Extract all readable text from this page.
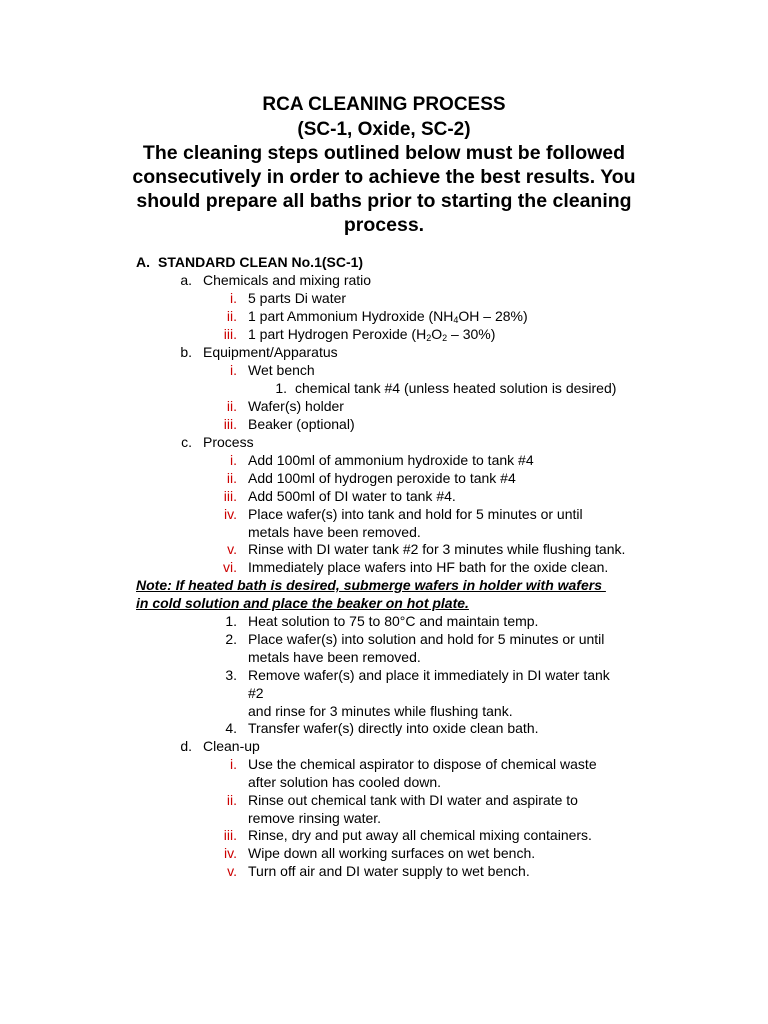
RCA CLEANING PROCESS
(SC-1, Oxide, SC-2)

The cleaning steps outlined below must be followed consecutively in order to achieve the best results. You should prepare all baths prior to starting the cleaning process.

A. STANDARD CLEAN No.1(SC-1)
a. Chemicals and mixing ratio
i. 5 parts Di water
ii. 1 part Ammonium Hydroxide $(NH_4OH - 28\%)$
iii. 1 part Hydrogen Peroxide $(H_2O_2 - 30\%)$
b. Equipment/Apparatus
i. Wet bench
1. chemical tank #4 (unless heated solution is desired)
ii. Wafer(s) holder
iii. Beaker (optional)
c. Process
i. Add 100ml of ammonium hydroxide to tank #4
ii. Add 100ml of hydrogen peroxide to tank #4
iii. Add 500ml of DI water to tank #4.
iv. Place wafer(s) into tank and hold for 5 minutes or until
metals have been removed.
v. Rinse with DI water tank #2 for 3 minutes while flushing tank.
vi. Immediately place wafers into HF bath for the oxide clean.
Note: If heated bath is desired, submerge wafers in holder with wafers
in cold solution and place the beaker on hot plate.
1. Heat solution to 75 to 80°C and maintain temp.
2. Place wafer(s) into solution and hold for 5 minutes or until
metals have been removed.
3. Remove wafer(s) and place it immediately in DI water tank
#2
and rinse for 3 minutes while flushing tank.
4. Transfer wafer(s) directly into oxide clean bath.
d. Clean-up
i. Use the chemical aspirator to dispose of chemical waste
after solution has cooled down.
ii. Rinse out chemical tank with DI water and aspirate to
remove rinsing water.
iii. Rinse, dry and put away all chemical mixing containers.
iv. Wipe down all working surfaces on wet bench.
v. Turn off air and DI water supply to wet bench.
